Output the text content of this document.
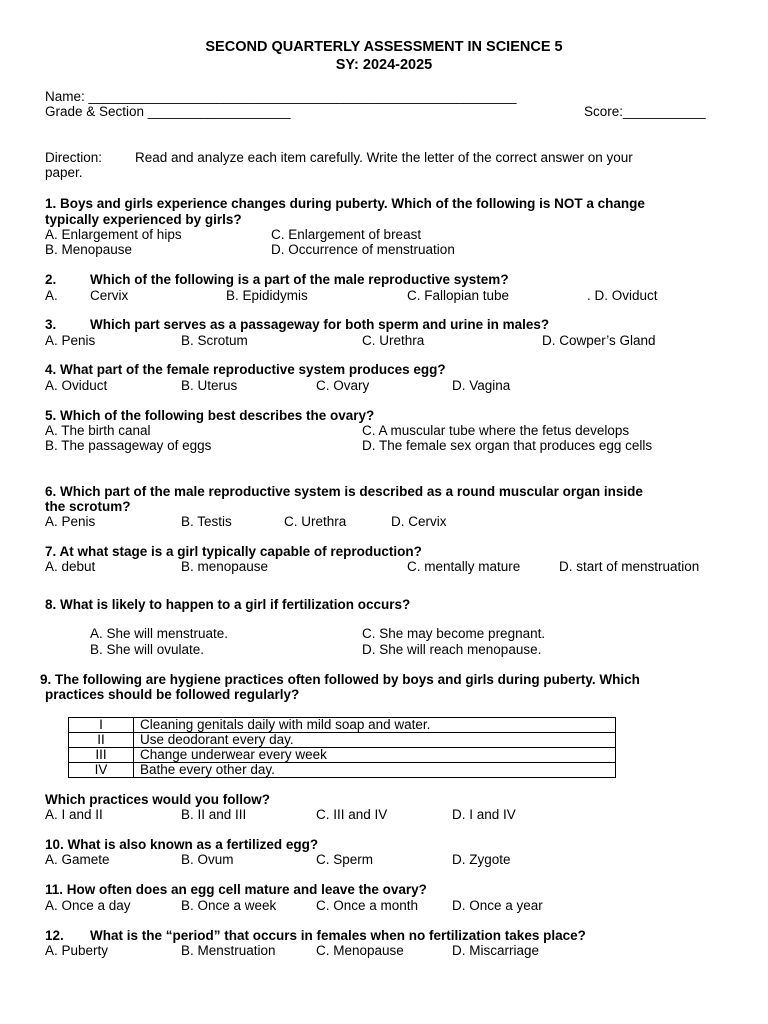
SECOND QUARTERLY ASSESSMENT IN SCIENCE 5
SY: 2024-2025
Name: _________________________________________________________
Grade & Section ___________________	Score:___________
Direction: Read and analyze each item carefully. Write the letter of the correct answer on your
paper.
1. Boys and girls experience changes during puberty. Which of the following is NOT a change
typically experienced by girls?
A. Enlargement of hips	C. Enlargement of breast
B. Menopause	D. Occurrence of menstruation
2. Which of the following is a part of the male reproductive system?
A. Cervix	B. Epididymis	C. Fallopian tube	. D. Oviduct
3. Which part serves as a passageway for both sperm and urine in males?
A. Penis	B. Scrotum	C. Urethra	D. Cowper’s Gland
4. What part of the female reproductive system produces egg?
A. Oviduct	B. Uterus	C. Ovary	D. Vagina
5. Which of the following best describes the ovary?
A. The birth canal	C. A muscular tube where the fetus develops
B. The passageway of eggs	D. The female sex organ that produces egg cells
6. Which part of the male reproductive system is described as a round muscular organ inside
the scrotum?
A. Penis	B. Testis	C. Urethra	D. Cervix
7. At what stage is a girl typically capable of reproduction?
A. debut	B. menopause	C. mentally mature	D. start of menstruation
8. What is likely to happen to a girl if fertilization occurs?
A. She will menstruate.	C. She may become pregnant.
B. She will ovulate.	D. She will reach menopause.
9. The following are hygiene practices often followed by boys and girls during puberty. Which
practices should be followed regularly?
I	Cleaning genitals daily with mild soap and water.
II	Use deodorant every day.
III	Change underwear every week
IV	Bathe every other day.
Which practices would you follow?
A. I and II	B. II and III	C. III and IV	D. I and IV
10. What is also known as a fertilized egg?
A. Gamete	B. Ovum	C. Sperm	D. Zygote
11. How often does an egg cell mature and leave the ovary?
A. Once a day	B. Once a week	C. Once a month	D. Once a year
12. What is the “period” that occurs in females when no fertilization takes place?
A. Puberty	B. Menstruation	C. Menopause	D. Miscarriage
